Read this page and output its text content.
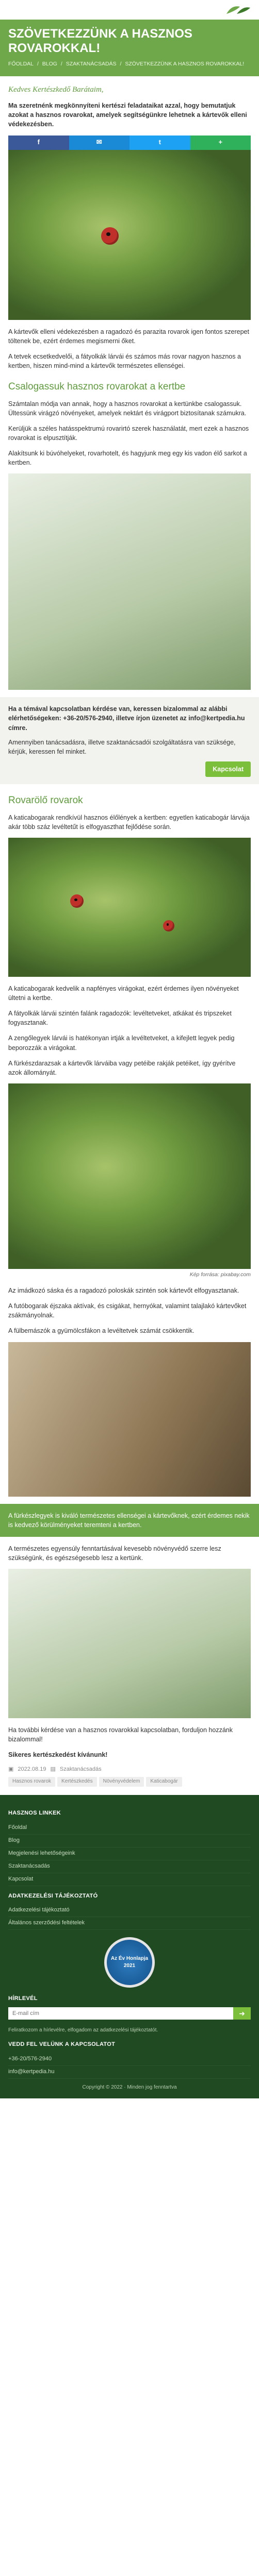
SZÖVETKEZZÜNK A HASZNOS ROVAROKKAL!
FŐOLDAL / BLOG / SZAKTANÁCSADÁS / SZÖVETKEZZÜNK A HASZNOS ROVAROKKAL!
Kedves Kertészkedő Barátaim,

Ma szeretnénk megkönnyíteni kertészi feladataikat azzal, hogy bemutatjuk azokat a hasznos rovarokat, amelyek segítségünkre lehetnek a kártevők elleni védekezésben.

f	✉	t	+

A kártevők elleni védekezésben a ragadozó és parazita rovarok igen fontos szerepet töltenek be, ezért érdemes megismerni őket.

A tetvek ecsetkedvelői, a fátyolkák lárvái és számos más rovar nagyon hasznos a kertben, hiszen mind-mind a kártevők természetes ellenségei.

Csalogassuk hasznos rovarokat a kertbe

Számtalan módja van annak, hogy a hasznos rovarokat a kertünkbe csalogassuk. Ültessünk virágzó növényeket, amelyek nektárt és virágport biztosítanak számukra.

Kerüljük a széles hatásspektrumú rovarirtó szerek használatát, mert ezek a hasznos rovarokat is elpusztítják.

Alakítsunk ki búvóhelyeket, rovarhotelt, és hagyjunk meg egy kis vadon élő sarkot a kertben.

Ha a témával kapcsolatban kérdése van, keressen bizalommal az alábbi elérhetőségeken: +36-20/576-2940, illetve írjon üzenetet az info@kertpedia.hu címre.

Amennyiben tanácsadásra, illetve szaktanácsadói szolgáltatásra van szüksége, kérjük, keressen fel minket.

Kapcsolat
Rovarölő rovarok

A katicabogarak rendkívül hasznos élőlények a kertben: egyetlen katicabogár lárvája akár több száz levéltetűt is elfogyaszthat fejlődése során.

A katicabogarak kedvelik a napfényes virágokat, ezért érdemes ilyen növényeket ültetni a kertbe.

A fátyolkák lárvái szintén falánk ragadozók: levéltetveket, atkákat és tripszeket fogyasztanak.

A zengőlegyek lárvái is hatékonyan irtják a levéltetveket, a kifejlett legyek pedig beporozzák a virágokat.

A fürkészdarazsak a kártevők lárváiba vagy petéibe rakják petéiket, így gyérítve azok állományát.

Kép forrása: pixabay.com

Az imádkozó sáska és a ragadozó poloskák szintén sok kártevőt elfogyasztanak.

A futóbogarak éjszaka aktívak, és csigákat, hernyókat, valamint talajlakó kártevőket zsákmányolnak.

A fülbemászók a gyümölcsfákon a levéltetvek számát csökkentik.

A fürkészlegyek is kiváló természetes ellenségei a kártevőknek, ezért érdemes nekik is kedvező körülményeket teremteni a kertben.

A természetes egyensúly fenntartásával kevesebb növényvédő szerre lesz szükségünk, és egészségesebb lesz a kertünk.

Ha további kérdése van a hasznos rovarokkal kapcsolatban, forduljon hozzánk bizalommal!

Sikeres kertészkedést kívánunk!

▣ 2022.08.19 ▤ Szaktanácsadás
Hasznos rovarok	Kertészkedés	Növényvédelem	Katicabogár
HASZNOS LINKEK
Főoldal
Blog
Megjelenési lehetőségeink
Szaktanácsadás
Kapcsolat
ADATKEZELÉSI TÁJÉKOZTATÓ
Adatkezelési tájékoztató
Általános szerződési feltételek
Az Év Honlapja 2021
HÍRLEVÉL
E-mail cím
➜
Feliratkozom a hírlevélre, elfogadom az adatkezelési tájékoztatót.
VEDD FEL VELÜNK A KAPCSOLATOT
+36-20/576-2940
info@kertpedia.hu
Copyright © 2022 · Minden jog fenntartva
